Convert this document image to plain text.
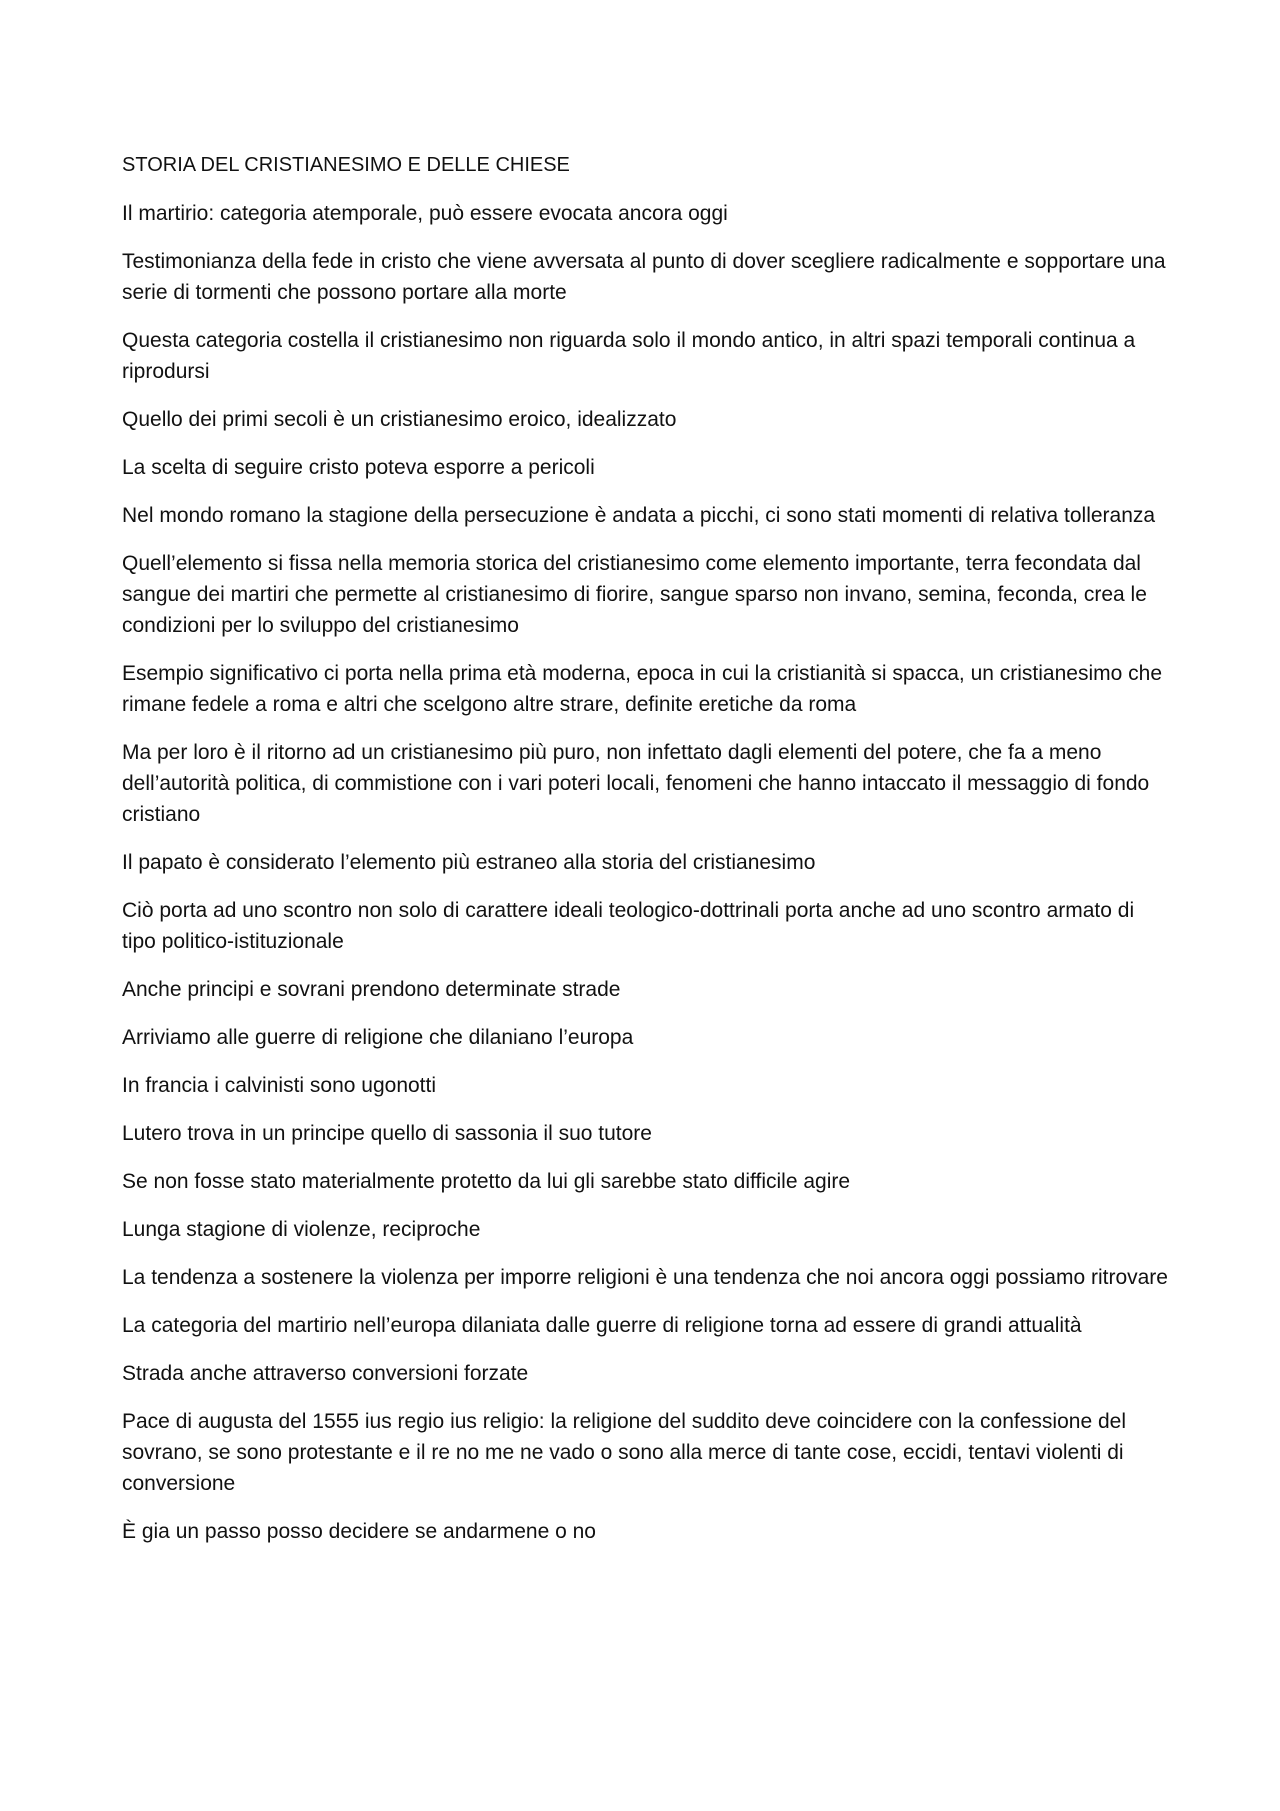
STORIA DEL CRISTIANESIMO E DELLE CHIESE

Il martirio: categoria atemporale, può essere evocata ancora oggi

Testimonianza della fede in cristo che viene avversata al punto di dover scegliere radicalmente e sopportare una serie di tormenti che possono portare alla morte

Questa categoria costella il cristianesimo non riguarda solo il mondo antico, in altri spazi temporali continua a riprodursi

Quello dei primi secoli è un cristianesimo eroico, idealizzato

La scelta di seguire cristo poteva esporre a pericoli

Nel mondo romano la stagione della persecuzione è andata a picchi, ci sono stati momenti di relativa tolleranza

Quell’elemento si fissa nella memoria storica del cristianesimo come elemento importante, terra fecondata dal sangue dei martiri che permette al cristianesimo di fiorire, sangue sparso non invano, semina, feconda, crea le condizioni per lo sviluppo del cristianesimo

Esempio significativo ci porta nella prima età moderna, epoca in cui la cristianità si spacca, un cristianesimo che rimane fedele a roma e altri che scelgono altre strare, definite eretiche da roma

Ma per loro è il ritorno ad un cristianesimo più puro, non infettato dagli elementi del potere, che fa a meno dell’autorità politica, di commistione con i vari poteri locali, fenomeni che hanno intaccato il messaggio di fondo cristiano

Il papato è considerato l’elemento più estraneo alla storia del cristianesimo

Ciò porta ad uno scontro non solo di carattere ideali teologico-dottrinali porta anche ad uno scontro armato di tipo politico-istituzionale

Anche principi e sovrani prendono determinate strade

Arriviamo alle guerre di religione che dilaniano l’europa

In francia i calvinisti sono ugonotti

Lutero trova in un principe quello di sassonia il suo tutore

Se non fosse stato materialmente protetto da lui gli sarebbe stato difficile agire

Lunga stagione di violenze, reciproche

La tendenza a sostenere la violenza per imporre religioni è una tendenza che noi ancora oggi possiamo ritrovare

La categoria del martirio nell’europa dilaniata dalle guerre di religione torna ad essere di grandi attualità

Strada anche attraverso conversioni forzate

Pace di augusta del 1555 ius regio ius religio: la religione del suddito deve coincidere con la confessione del sovrano, se sono protestante e il re no me ne vado o sono alla merce di tante cose, eccidi, tentavi violenti di conversione

È gia un passo posso decidere se andarmene o no
